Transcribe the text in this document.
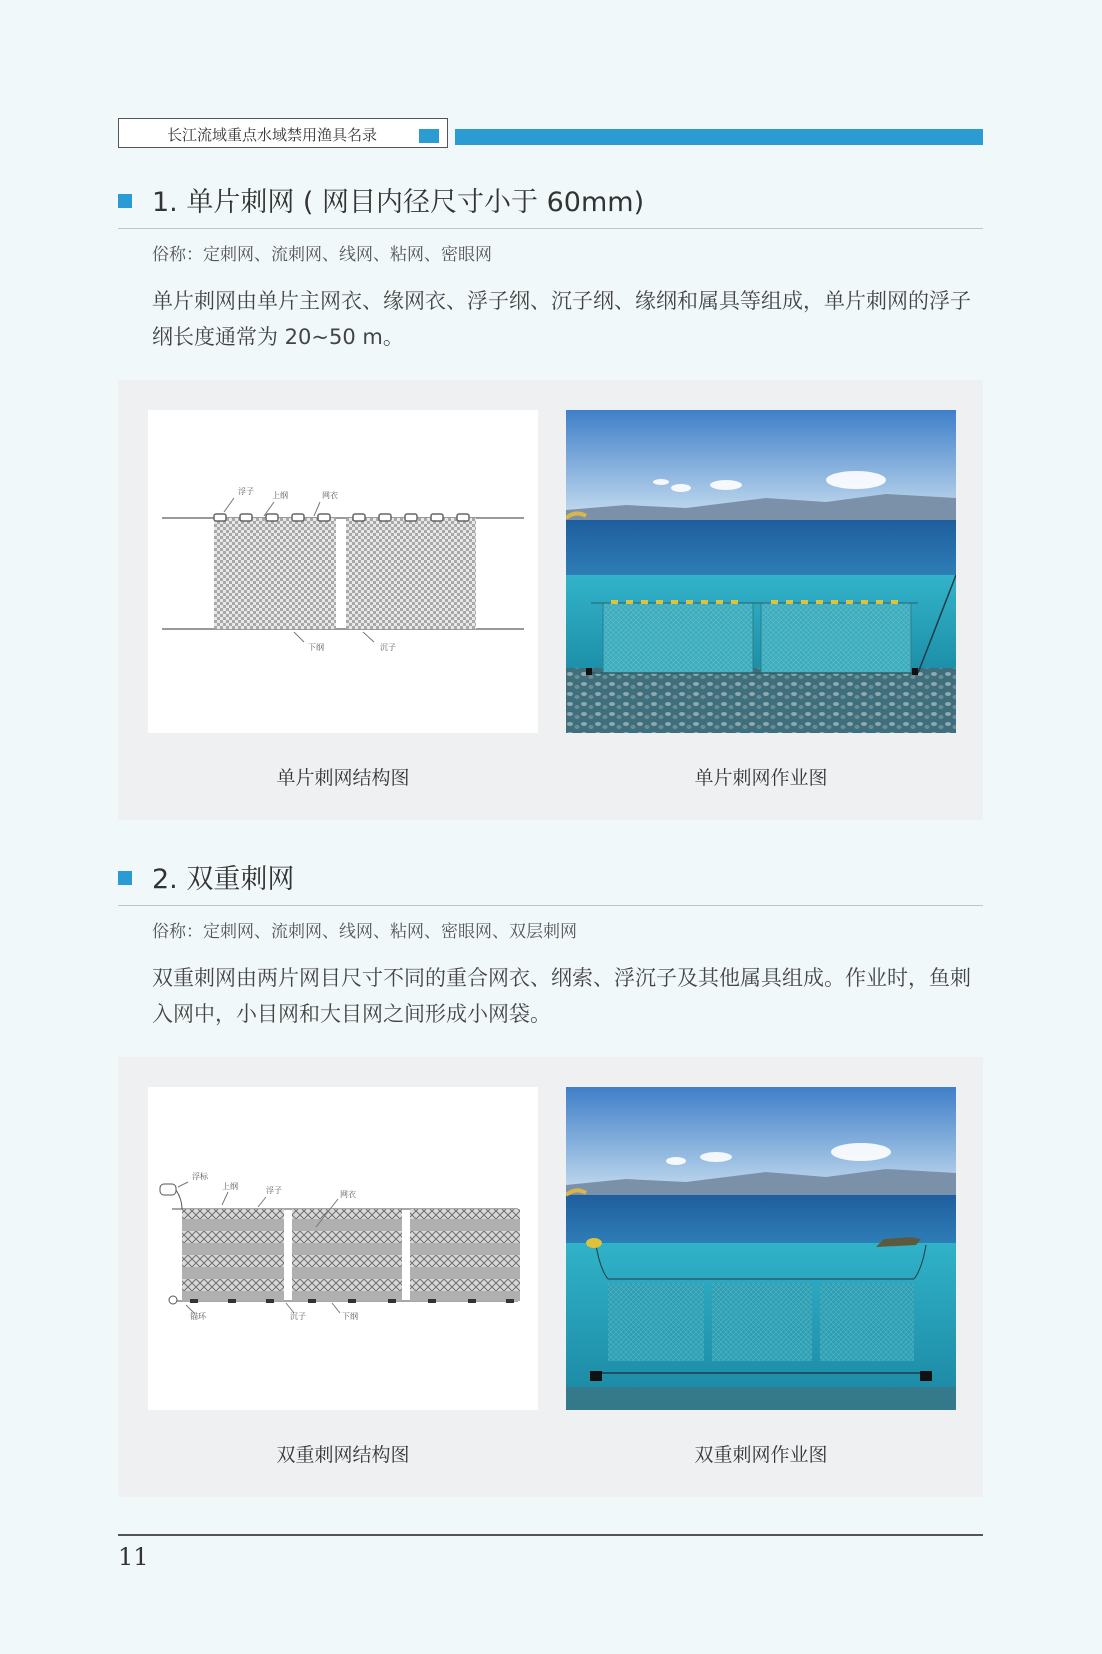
长江流域重点水域禁用渔具名录
1. 单片刺网 ( 网目内径尺寸小于 60mm)
俗称：定刺网、流刺网、线网、粘网、密眼网
单片刺网由单片主网衣、缘网衣、浮子纲、沉子纲、缘纲和属具等组成，单片刺网的浮子纲长度通常为 20~50 m。
浮子 上纲	网衣
下纲	沉子
单片刺网结构图	单片刺网作业图
2. 双重刺网
俗称：定刺网、流刺网、线网、粘网、密眼网、双层刺网
双重刺网由两片网目尺寸不同的重合网衣、纲索、浮沉子及其他属具组成。作业时，鱼刺入网中，小目网和大目网之间形成小网袋。
浮标
上纲	浮子	网衣
锚环	沉子	下纲
双重刺网结构图	双重刺网作业图
11
